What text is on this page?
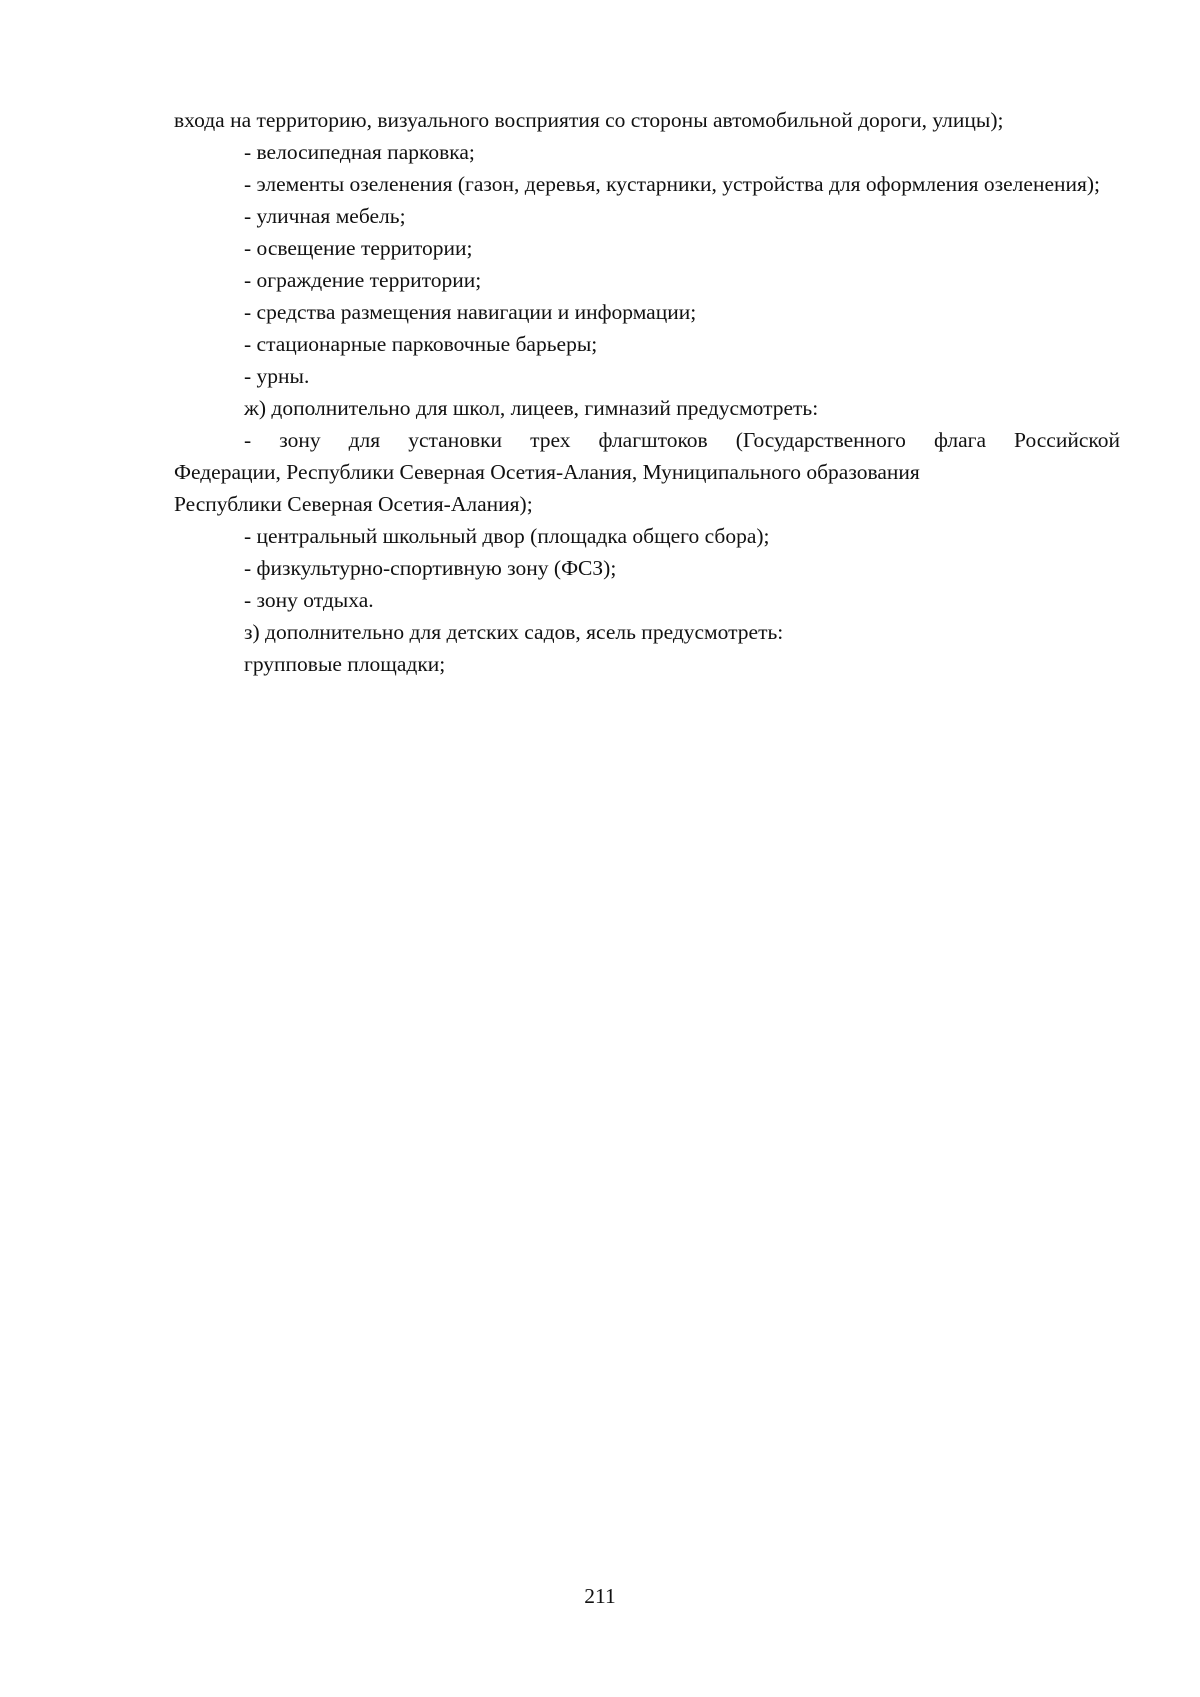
входа на территорию, визуального восприятия со стороны автомобильной дороги, улицы);

- велосипедная парковка;

- элементы озеленения (газон, деревья, кустарники, устройства для оформления озеленения);

- уличная мебель;

- освещение территории;

- ограждение территории;

- средства размещения навигации и информации;

- стационарные парковочные барьеры;

- урны.

ж) дополнительно для школ, лицеев, гимназий предусмотреть:

- зону для установки трех флагштоков (Государственного флага Российской

Федерации, Республики Северная Осетия-Алания, Муниципального образования

Республики Северная Осетия-Алания);

- центральный школьный двор (площадка общего сбора);

- физкультурно-спортивную зону (ФСЗ);

- зону отдыха.

з) дополнительно для детских садов, ясель предусмотреть:

групповые площадки;

211
